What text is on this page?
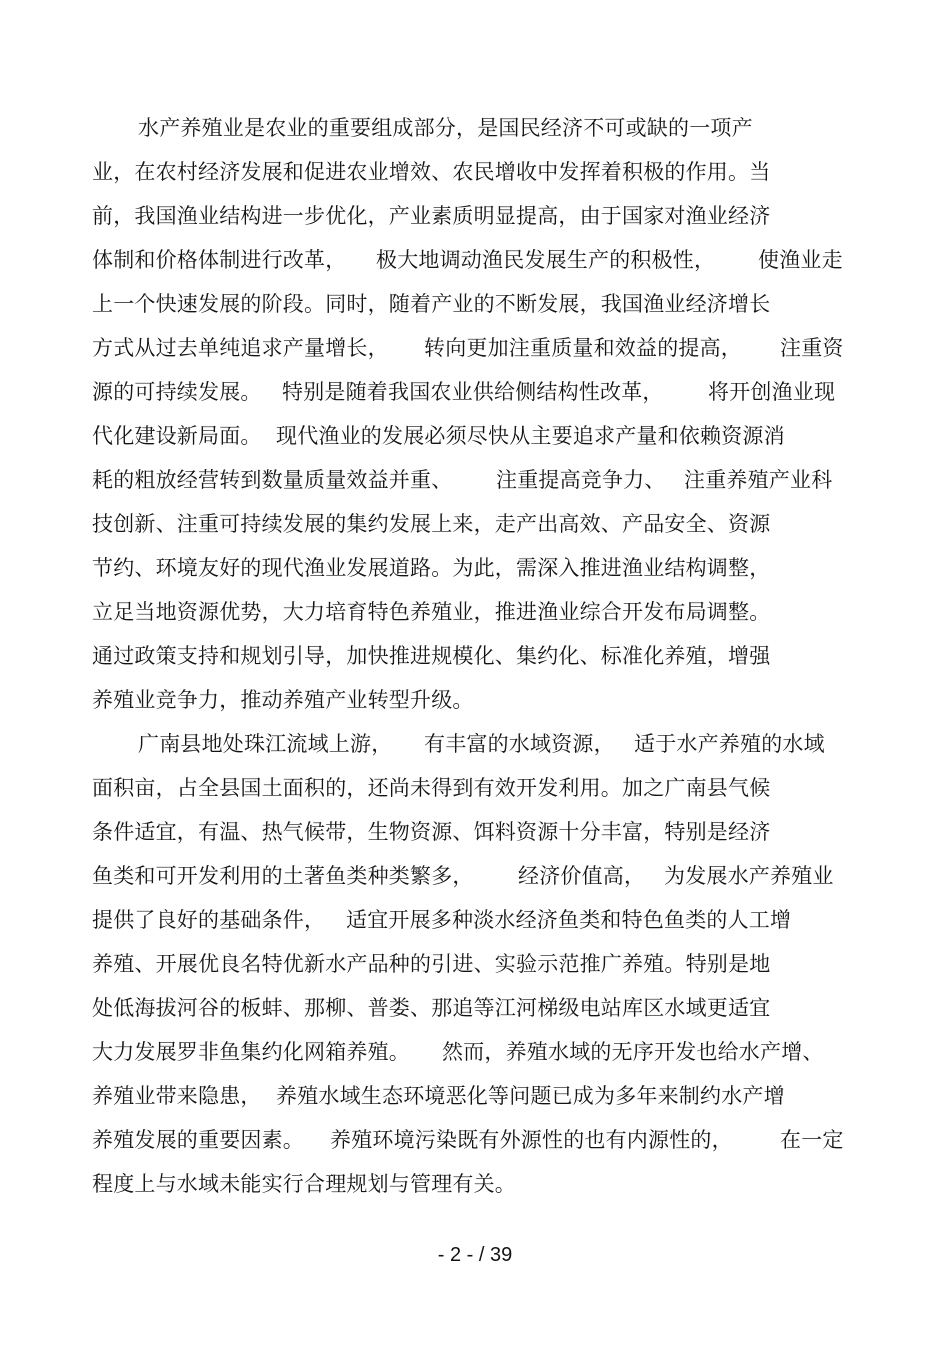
水产养殖业是农业的重要组成部分，是国民经济不可或缺的一项产
业，在农村经济发展和促进农业增效、农民增收中发挥着积极的作用。当
前，我国渔业结构进一步优化，产业素质明显提高，由于国家对渔业经济
体制和价格体制进行改革， 极大地调动渔民发展生产的积极性， 使渔业走
上一个快速发展的阶段。同时，随着产业的不断发展，我国渔业经济增长
方式从过去单纯追求产量增长， 转向更加注重质量和效益的提高， 注重资
源的可持续发展。 特别是随着我国农业供给侧结构性改革， 将开创渔业现
代化建设新局面。 现代渔业的发展必须尽快从主要追求产量和依赖资源消
耗的粗放经营转到数量质量效益并重、 注重提高竞争力、 注重养殖产业科
技创新、注重可持续发展的集约发展上来，走产出高效、产品安全、资源
节约、环境友好的现代渔业发展道路。为此，需深入推进渔业结构调整，
立足当地资源优势，大力培育特色养殖业，推进渔业综合开发布局调整。
通过政策支持和规划引导，加快推进规模化、集约化、标准化养殖，增强
养殖业竞争力，推动养殖产业转型升级。
广南县地处珠江流域上游， 有丰富的水域资源， 适于水产养殖的水域
面积亩，占全县国土面积的，还尚未得到有效开发利用。加之广南县气候
条件适宜，有温、热气候带，生物资源、饵料资源十分丰富，特别是经济
鱼类和可开发利用的土著鱼类种类繁多， 经济价值高， 为发展水产养殖业
提供了良好的基础条件， 适宜开展多种淡水经济鱼类和特色鱼类的人工增
养殖、开展优良名特优新水产品种的引进、实验示范推广养殖。特别是地
处低海拔河谷的板蚌、那柳、普娄、那追等江河梯级电站库区水域更适宜
大力发展罗非鱼集约化网箱养殖。 然而，养殖水域的无序开发也给水产增、
养殖业带来隐患， 养殖水域生态环境恶化等问题已成为多年来制约水产增
养殖发展的重要因素。 养殖环境污染既有外源性的也有内源性的， 在一定
程度上与水域未能实行合理规划与管理有关。
- 2 - / 39
